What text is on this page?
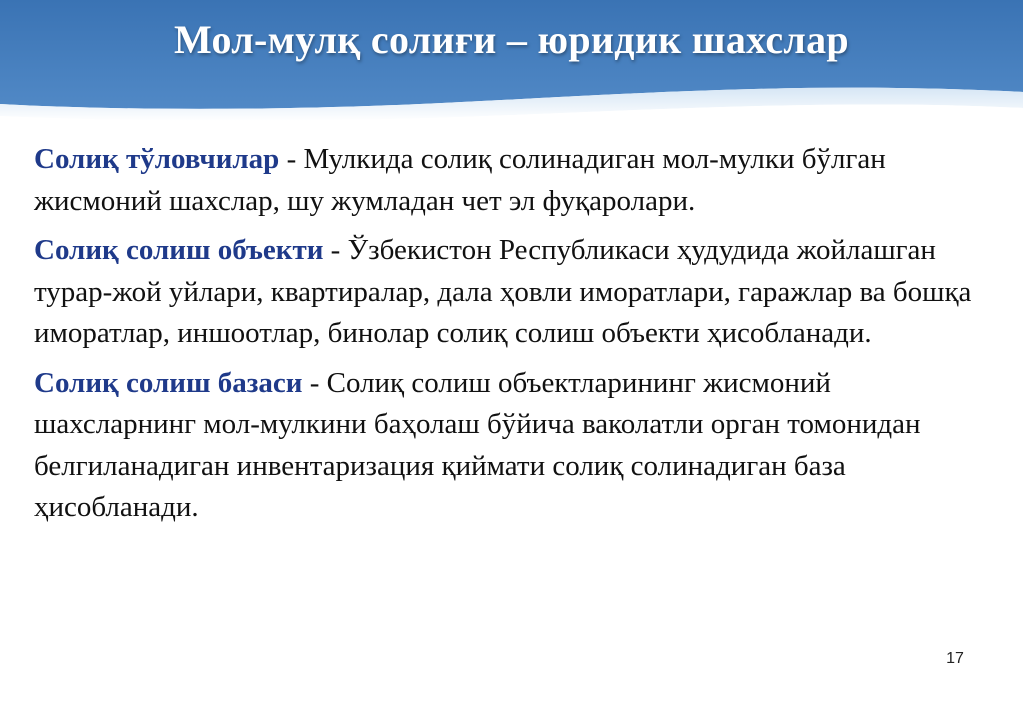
Мол-мулқ солиғи – юридик шахслар

Солиқ тўловчилар - Мулкида солиқ солинадиган мол-мулки бўлган жисмоний шахслар, шу жумладан чет эл фуқаролари.

Солиқ солиш объекти - Ўзбекистон Республикаси ҳудудида жойлашган турар-жой уйлари, квартиралар, дала ҳовли иморатлари, гаражлар ва бошқа иморатлар, иншоотлар, бинолар солиқ солиш объекти ҳисобланади.

Солиқ солиш базаси - Солиқ солиш объектларининг жисмоний шахсларнинг мол-мулкини баҳолаш бўйича ваколатли орган томонидан белгиланадиган инвентаризация қиймати солиқ солинадиган база ҳисобланади.

17
